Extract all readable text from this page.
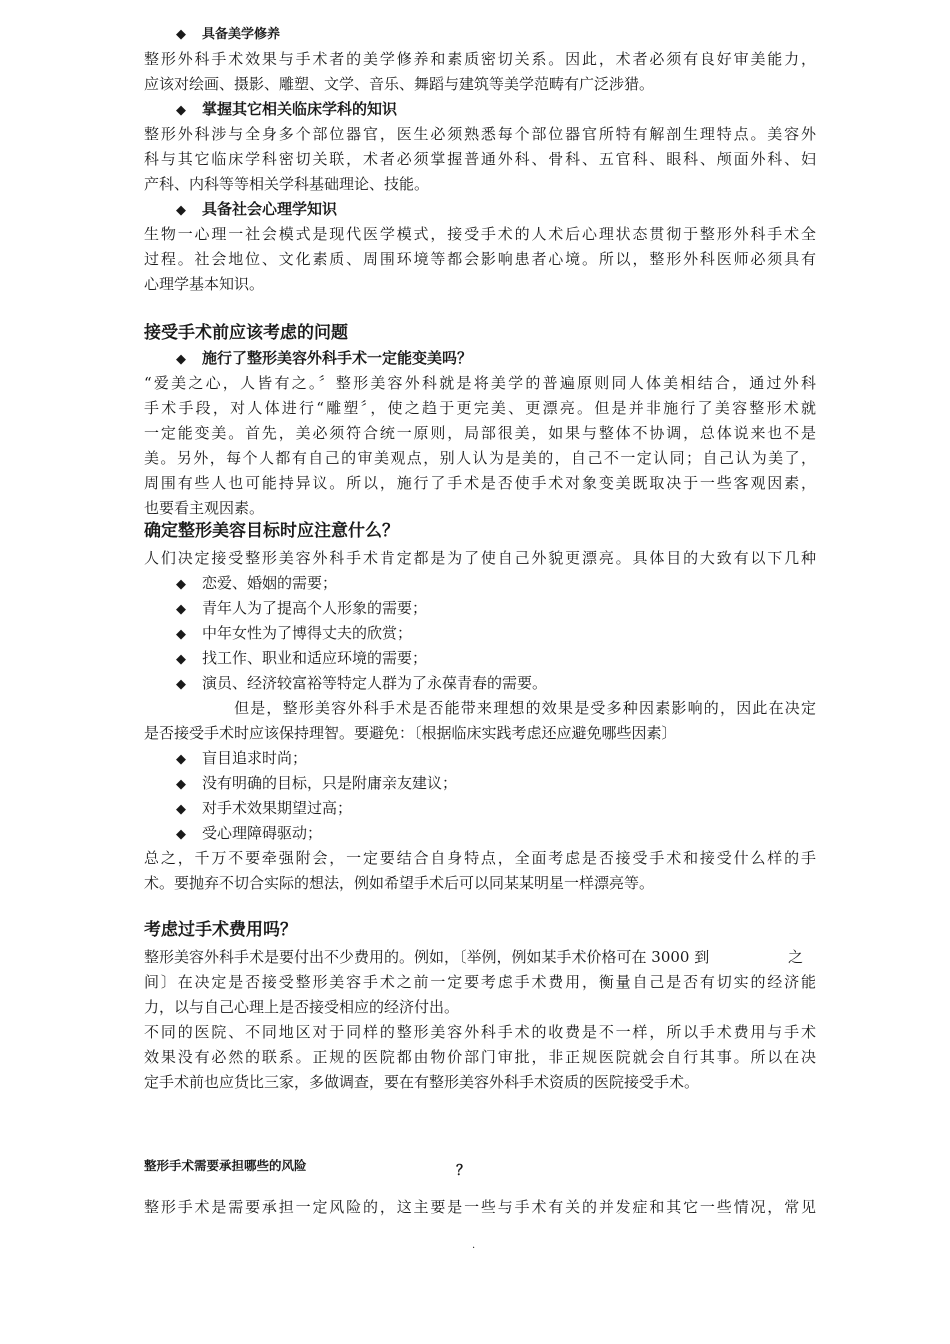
◆ 具备美学修养
整形外科手术效果与手术者的美学修养和素质密切关系。因此，术者必须有良好审美能力，
应该对绘画、摄影、雕塑、文学、音乐、舞蹈与建筑等美学范畴有广泛涉猎。
◆ 掌握其它相关临床学科的知识
整形外科涉与全身多个部位器官，医生必须熟悉每个部位器官所特有解剖生理特点。美容外
科与其它临床学科密切关联，术者必须掌握普通外科、骨科、五官科、眼科、颅面外科、妇
产科、内科等等相关学科基础理论、技能。
◆ 具备社会心理学知识
生物一心理一社会模式是现代医学模式，接受手术的人术后心理状态贯彻于整形外科手术全
过程。社会地位、文化素质、周围环境等都会影响患者心境。所以，整形外科医师必须具有
心理学基本知识。
接受手术前应该考虑的问题
◆ 施行了整形美容外科手术一定能变美吗？
“爱美之心，人皆有之。〞整形美容外科就是将美学的普遍原则同人体美相结合，通过外科
手术手段，对人体进行“雕塑〞，使之趋于更完美、更漂亮。但是并非施行了美容整形术就
一定能变美。首先，美必须符合统一原则，局部很美，如果与整体不协调，总体说来也不是
美。另外，每个人都有自己的审美观点，别人认为是美的，自己不一定认同；自己认为美了，
周围有些人也可能持异议。所以，施行了手术是否使手术对象变美既取决于一些客观因素，
也要看主观因素。
确定整形美容目标时应注意什么？
人们决定接受整形美容外科手术肯定都是为了使自己外貌更漂亮。具体目的大致有以下几种
◆ 恋爱、婚姻的需要；
◆ 青年人为了提高个人形象的需要；
◆ 中年女性为了博得丈夫的欣赏；
◆ 找工作、职业和适应环境的需要；
◆ 演员、经济较富裕等特定人群为了永葆青春的需要。
但是，整形美容外科手术是否能带来理想的效果是受多种因素影响的，因此在决定
是否接受手术时应该保持理智。要避免：〔根据临床实践考虑还应避免哪些因素〕
◆ 盲目追求时尚；
◆ 没有明确的目标，只是附庸亲友建议；
◆ 对手术效果期望过高；
◆ 受心理障碍驱动；
总之，千万不要牵强附会，一定要结合自身特点，全面考虑是否接受手术和接受什么样的手
术。要抛弃不切合实际的想法，例如希望手术后可以同某某明星一样漂亮等。
考虑过手术费用吗？
整形美容外科手术是要付出不少费用的。例如，〔举例，例如某手术价格可在 3000 到	之
间〕在决定是否接受整形美容手术之前一定要考虑手术费用，衡量自己是否有切实的经济能
力，以与自己心理上是否接受相应的经济付出。
不同的医院、不同地区对于同样的整形美容外科手术的收费是不一样，所以手术费用与手术
效果没有必然的联系。正规的医院都由物价部门审批，非正规医院就会自行其事。所以在决
定手术前也应货比三家，多做调查，要在有整形美容外科手术资质的医院接受手术。
整形手术需要承担哪些的风险	？
整形手术是需要承担一定风险的，这主要是一些与手术有关的并发症和其它一些情况，常见
.
